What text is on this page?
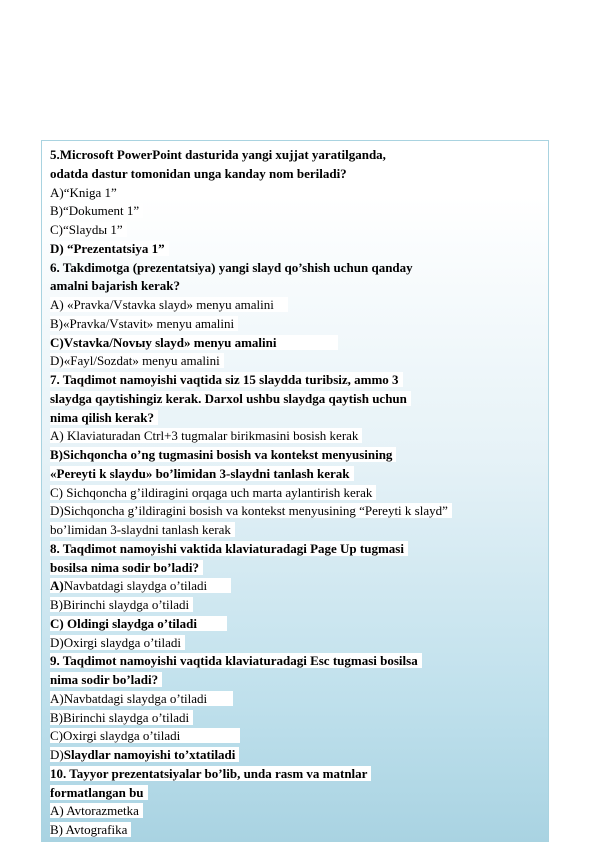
5.Microsoft PowerPoint dasturida yangi xujjat yaratilganda,
odatda dastur tomonidan unga kanday nom beriladi?
A)“Kniga 1”
B)“Dokument 1”
C)“Slaydы 1”
D) “Prezentatsiya 1”
6. Takdimotga (prezentatsiya) yangi slayd qo’shish uchun qanday
amalni bajarish kerak?
A) «Pravka/Vstavka slayd» menyu amalini
B)«Pravka/Vstavit» menyu amalini
C)Vstavka/Novыy slayd» menyu amalini
D)«Fayl/Sozdat» menyu amalini
7. Taqdimot namoyishi vaqtida siz 15 slaydda turibsiz, ammo 3
slaydga qaytishingiz kerak. Darxol ushbu slaydga qaytish uchun
nima qilish kerak?
A) Klaviaturadan Ctrl+3 tugmalar birikmasini bosish kerak
B)Sichqoncha o’ng tugmasini bosish va kontekst menyusining
«Pereyti k slaydu» bo’limidan 3-slaydni tanlash kerak
C) Sichqoncha g’ildiragini orqaga uch marta aylantirish kerak
D)Sichqoncha g’ildiragini bosish va kontekst menyusining “Pereyti k slayd”
bo’limidan 3-slaydni tanlash kerak
8. Taqdimot namoyishi vaktida klaviaturadagi Page Up tugmasi
bosilsa nima sodir bo’ladi?
A)Navbatdagi slaydga o’tiladi
B)Birinchi slaydga o’tiladi
C) Oldingi slaydga o’tiladi
D)Oxirgi slaydga o’tiladi
9. Taqdimot namoyishi vaqtida klaviaturadagi Esc tugmasi bosilsa
nima sodir bo’ladi?
A)Navbatdagi slaydga o’tiladi
B)Birinchi slaydga o’tiladi
C)Oxirgi slaydga o’tiladi
D)Slaydlar namoyishi to’xtatiladi
10. Tayyor prezentatsiyalar bo’lib, unda rasm va matnlar
formatlangan bu
A) Avtorazmetka
B) Avtografika
